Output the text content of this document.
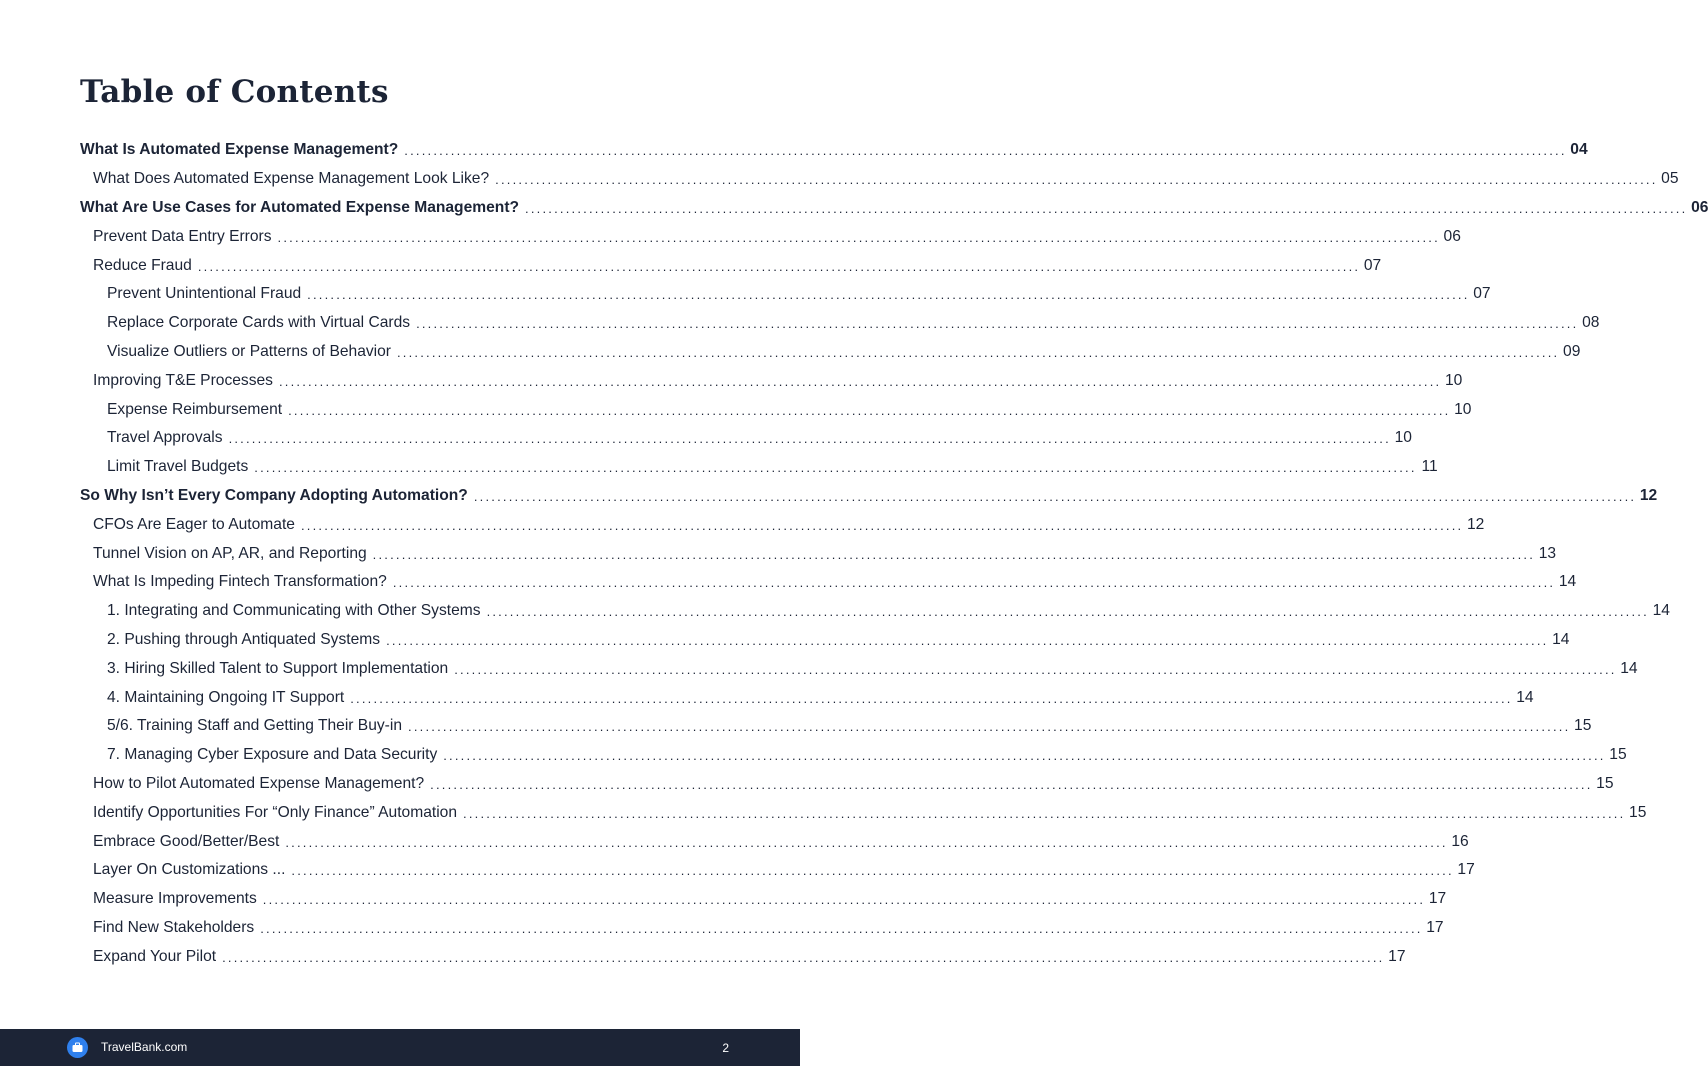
Table of Contents
What Is Automated Expense Management? ........................................................................................................................................................................................................ 04
What Does Automated Expense Management Look Like? ........................................................................................................................................................................................................ 05
What Are Use Cases for Automated Expense Management? ........................................................................................................................................................................................................ 06
Prevent Data Entry Errors ........................................................................................................................................................................................................ 06
Reduce Fraud ........................................................................................................................................................................................................ 07
Prevent Unintentional Fraud ........................................................................................................................................................................................................ 07
Replace Corporate Cards with Virtual Cards ........................................................................................................................................................................................................ 08
Visualize Outliers or Patterns of Behavior ........................................................................................................................................................................................................ 09
Improving T&E Processes ........................................................................................................................................................................................................ 10
Expense Reimbursement ........................................................................................................................................................................................................ 10
Travel Approvals ........................................................................................................................................................................................................ 10
Limit Travel Budgets ........................................................................................................................................................................................................ 11
So Why Isn’t Every Company Adopting Automation? ........................................................................................................................................................................................................ 12
CFOs Are Eager to Automate ........................................................................................................................................................................................................ 12
Tunnel Vision on AP, AR, and Reporting ........................................................................................................................................................................................................ 13
What Is Impeding Fintech Transformation? ........................................................................................................................................................................................................ 14
1. Integrating and Communicating with Other Systems ........................................................................................................................................................................................................ 14
2. Pushing through Antiquated Systems ........................................................................................................................................................................................................ 14
3. Hiring Skilled Talent to Support Implementation ........................................................................................................................................................................................................ 14
4. Maintaining Ongoing IT Support ........................................................................................................................................................................................................ 14
5/6. Training Staff and Getting Their Buy-in ........................................................................................................................................................................................................ 15
7. Managing Cyber Exposure and Data Security ........................................................................................................................................................................................................ 15
How to Pilot Automated Expense Management? ........................................................................................................................................................................................................ 15
Identify Opportunities For “Only Finance” Automation ........................................................................................................................................................................................................ 15
Embrace Good/Better/Best ........................................................................................................................................................................................................ 16
Layer On Customizations ... ........................................................................................................................................................................................................ 17
Measure Improvements ........................................................................................................................................................................................................ 17
Find New Stakeholders ........................................................................................................................................................................................................ 17
Expand Your Pilot ........................................................................................................................................................................................................ 17
TravelBank.com	2
